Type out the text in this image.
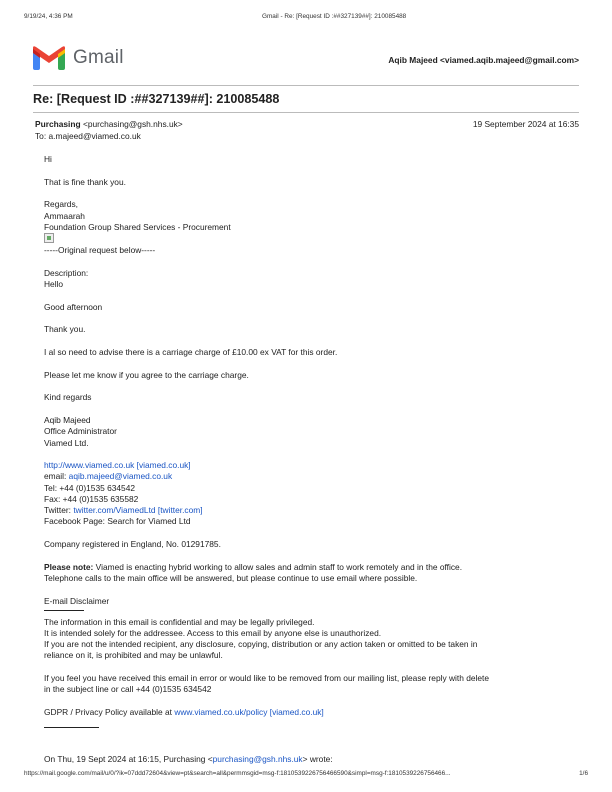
9/19/24, 4:36 PM	Gmail - Re: [Request ID :##327139##]: 210085488
Gmail	Aqib Majeed <viamed.aqib.majeed@gmail.com>
Re: [Request ID :##327139##]: 210085488
Purchasing <purchasing@gsh.nhs.uk>	19 September 2024 at 16:35
To: a.majeed@viamed.co.uk

Hi

That is fine thank you.

Regards,

Ammaarah

Foundation Group Shared Services - Procurement

-----Original request below-----

Description:

Hello

Good afternoon

Thank you.

I al so need to advise there is a carriage charge of £10.00 ex VAT for this order.

Please let me know if you agree to the carriage charge.

Kind regards

Aqib Majeed

Office Administrator

Viamed Ltd.

http://www.viamed.co.uk [viamed.co.uk]

email: aqib.majeed@viamed.co.uk

Tel: +44 (0)1535 634542

Fax: +44 (0)1535 635582

Twitter: twitter.com/ViamedLtd [twitter.com]

Facebook Page: Search for Viamed Ltd

Company registered in England, No. 01291785.

Please note: Viamed is enacting hybrid working to allow sales and admin staff to work remotely and in the office.

Telephone calls to the main office will be answered, but please continue to use email where possible.

E-mail Disclaimer

The information in this email is confidential and may be legally privileged.

It is intended solely for the addressee. Access to this email by anyone else is unauthorized.

If you are not the intended recipient, any disclosure, copying, distribution or any action taken or omitted to be taken in

reliance on it, is prohibited and may be unlawful.

If you feel you have received this email in error or would like to be removed from our mailing list, please reply with delete

in the subject line or call +44 (0)1535 634542

GDPR / Privacy Policy available at www.viamed.co.uk/policy [viamed.co.uk]

On Thu, 19 Sept 2024 at 16:15, Purchasing <purchasing@gsh.nhs.uk> wrote:
https://mail.google.com/mail/u/0/?ik=07ddd72604&view=pt&search=all&permmsgid=msg-f:1810539226756466590&simpl=msg-f:1810539226756466...	1/6
